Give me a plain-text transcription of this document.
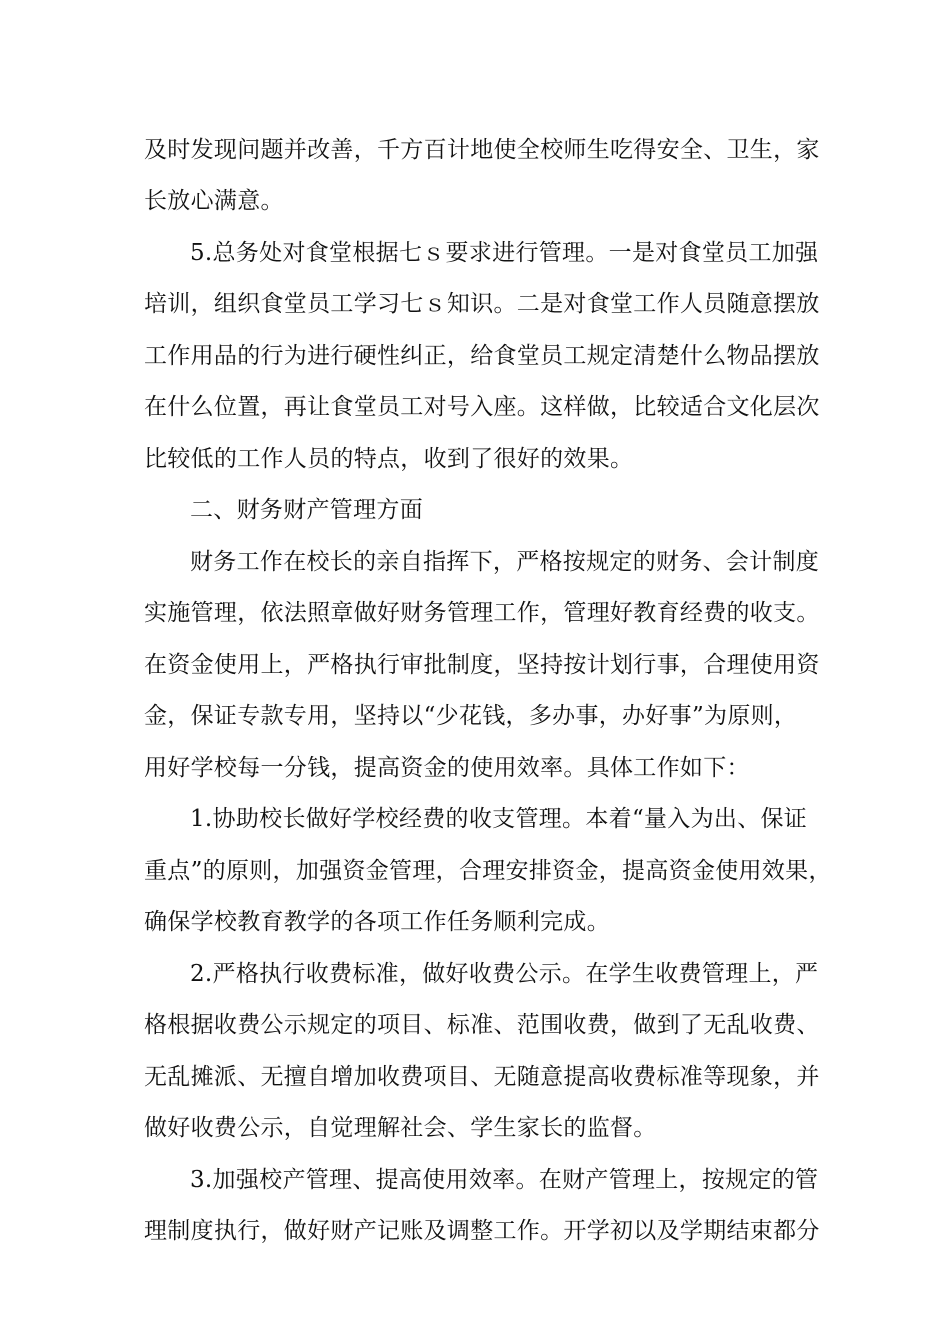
及时发现问题并改善，千方百计地使全校师生吃得安全、卫生，家
长放心满意。
5.总务处对食堂根据七ｓ要求进行管理。一是对食堂员工加强
培训，组织食堂员工学习七ｓ知识。二是对食堂工作人员随意摆放
工作用品的行为进行硬性纠正，给食堂员工规定清楚什么物品摆放
在什么位置，再让食堂员工对号入座。这样做，比较适合文化层次
比较低的工作人员的特点，收到了很好的效果。
二、财务财产管理方面
财务工作在校长的亲自指挥下，严格按规定的财务、会计制度
实施管理，依法照章做好财务管理工作，管理好教育经费的收支。
在资金使用上，严格执行审批制度，坚持按计划行事，合理使用资
金，保证专款专用，坚持以“少花钱，多办事，办好事”为原则，
用好学校每一分钱，提高资金的使用效率。具体工作如下：
1.协助校长做好学校经费的收支管理。本着“量入为出、保证
重点”的原则，加强资金管理，合理安排资金，提高资金使用效果，
确保学校教育教学的各项工作任务顺利完成。
2.严格执行收费标准，做好收费公示。在学生收费管理上，严
格根据收费公示规定的项目、标准、范围收费，做到了无乱收费、
无乱摊派、无擅自增加收费项目、无随意提高收费标准等现象，并
做好收费公示，自觉理解社会、学生家长的监督。
3.加强校产管理、提高使用效率。在财产管理上，按规定的管
理制度执行，做好财产记账及调整工作。开学初以及学期结束都分
